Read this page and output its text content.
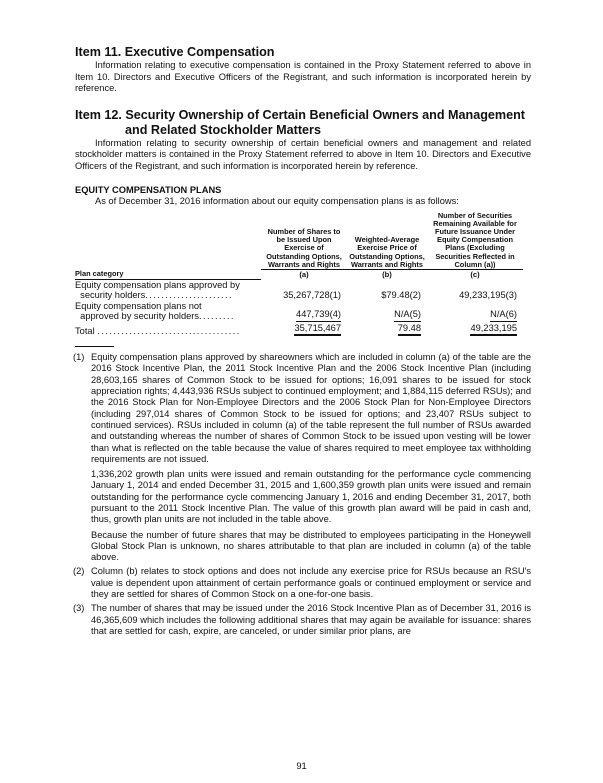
Item 11. Executive Compensation

Information relating to executive compensation is contained in the Proxy Statement referred to above in Item 10. Directors and Executive Officers of the Registrant, and such information is incorporated herein by reference.

Item 12. Security Ownership of Certain Beneficial Owners and Management
and Related Stockholder Matters

Information relating to security ownership of certain beneficial owners and management and related stockholder matters is contained in the Proxy Statement referred to above in Item 10. Directors and Executive Officers of the Registrant, and such information is incorporated herein by reference.

EQUITY COMPENSATION PLANS

As of December 31, 2016 information about our equity compensation plans is as follows:

	Number of Shares to be Issued Upon Exercise of Outstanding Options, Warrants and Rights	Weighted-Average Exercise Price of Outstanding Options, Warrants and Rights	Number of Securities Remaining Available for Future Issuance Under Equity Compensation Plans (Excluding Securities Reflected in Column (a))
Plan category	(a)	(b)	(c)
Equity compensation plans approved by
security holders......................	35,267,728(1)	$79.48(2)	49,233,195(3)
Equity compensation plans not
approved by security holders.........	447,739(4)	N/A(5)	N/A(6)
Total ....................................	35,715,467	79.48	49,233,195

(1) Equity compensation plans approved by shareowners which are included in column (a) of the table are the 2016 Stock Incentive Plan, the 2011 Stock Incentive Plan and the 2006 Stock Incentive Plan (including 28,603,165 shares of Common Stock to be issued for options; 16,091 shares to be issued for stock appreciation rights; 4,443,936 RSUs subject to continued employment; and 1,884,115 deferred RSUs); and the 2016 Stock Plan for Non-Employee Directors and the 2006 Stock Plan for Non-Employee Directors (including 297,014 shares of Common Stock to be issued for options; and 23,407 RSUs subject to continued services). RSUs included in column (a) of the table represent the full number of RSUs awarded and outstanding whereas the number of shares of Common Stock to be issued upon vesting will be lower than what is reflected on the table because the value of shares required to meet employee tax withholding requirements are not issued.

1,336,202 growth plan units were issued and remain outstanding for the performance cycle commencing January 1, 2014 and ended December 31, 2015 and 1,600,359 growth plan units were issued and remain outstanding for the performance cycle commencing January 1, 2016 and ending December 31, 2017, both pursuant to the 2011 Stock Incentive Plan. The value of this growth plan award will be paid in cash and, thus, growth plan units are not included in the table above.

Because the number of future shares that may be distributed to employees participating in the Honeywell Global Stock Plan is unknown, no shares attributable to that plan are included in column (a) of the table above.

(2) Column (b) relates to stock options and does not include any exercise price for RSUs because an RSU's value is dependent upon attainment of certain performance goals or continued employment or service and they are settled for shares of Common Stock on a one-for-one basis.

(3) The number of shares that may be issued under the 2016 Stock Incentive Plan as of December 31, 2016 is 46,365,609 which includes the following additional shares that may again be available for issuance: shares that are settled for cash, expire, are canceled, or under similar prior plans, are

91
